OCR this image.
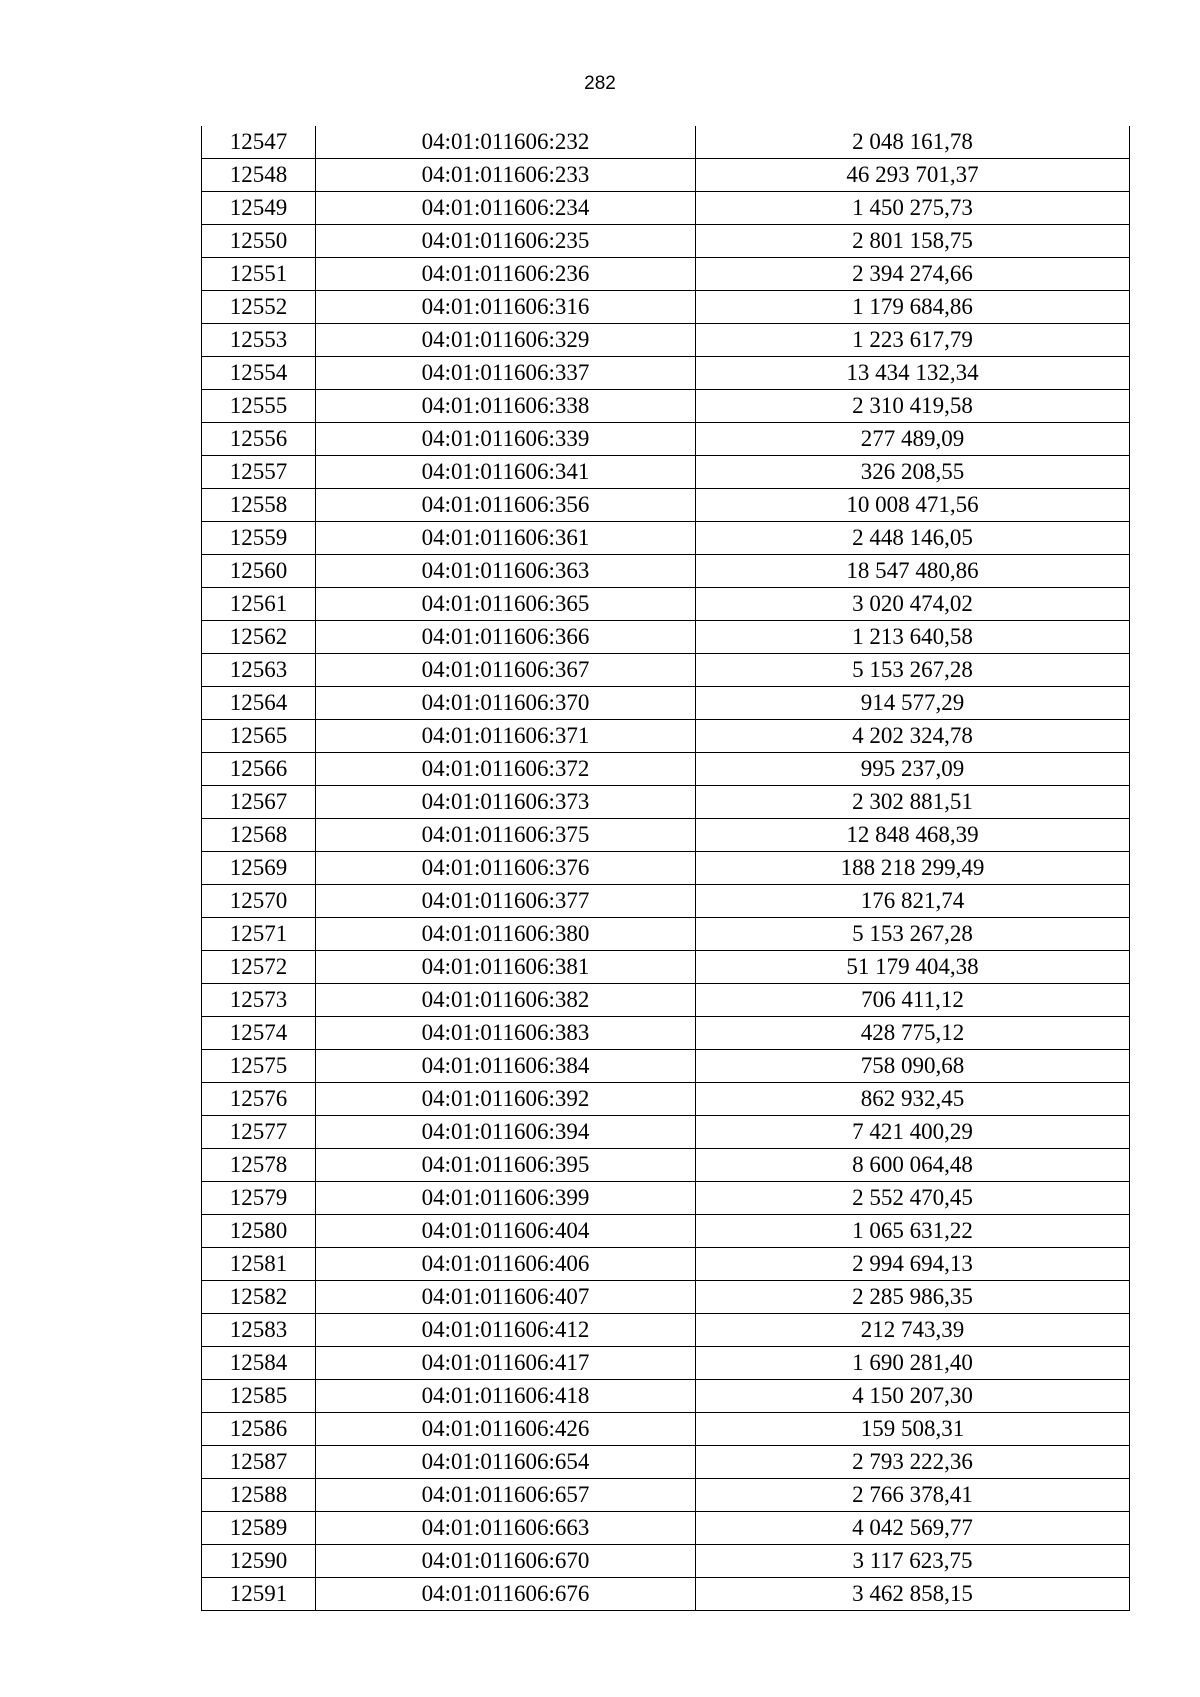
282
12547	04:01:011606:232	2 048 161,78
12548	04:01:011606:233	46 293 701,37
12549	04:01:011606:234	1 450 275,73
12550	04:01:011606:235	2 801 158,75
12551	04:01:011606:236	2 394 274,66
12552	04:01:011606:316	1 179 684,86
12553	04:01:011606:329	1 223 617,79
12554	04:01:011606:337	13 434 132,34
12555	04:01:011606:338	2 310 419,58
12556	04:01:011606:339	277 489,09
12557	04:01:011606:341	326 208,55
12558	04:01:011606:356	10 008 471,56
12559	04:01:011606:361	2 448 146,05
12560	04:01:011606:363	18 547 480,86
12561	04:01:011606:365	3 020 474,02
12562	04:01:011606:366	1 213 640,58
12563	04:01:011606:367	5 153 267,28
12564	04:01:011606:370	914 577,29
12565	04:01:011606:371	4 202 324,78
12566	04:01:011606:372	995 237,09
12567	04:01:011606:373	2 302 881,51
12568	04:01:011606:375	12 848 468,39
12569	04:01:011606:376	188 218 299,49
12570	04:01:011606:377	176 821,74
12571	04:01:011606:380	5 153 267,28
12572	04:01:011606:381	51 179 404,38
12573	04:01:011606:382	706 411,12
12574	04:01:011606:383	428 775,12
12575	04:01:011606:384	758 090,68
12576	04:01:011606:392	862 932,45
12577	04:01:011606:394	7 421 400,29
12578	04:01:011606:395	8 600 064,48
12579	04:01:011606:399	2 552 470,45
12580	04:01:011606:404	1 065 631,22
12581	04:01:011606:406	2 994 694,13
12582	04:01:011606:407	2 285 986,35
12583	04:01:011606:412	212 743,39
12584	04:01:011606:417	1 690 281,40
12585	04:01:011606:418	4 150 207,30
12586	04:01:011606:426	159 508,31
12587	04:01:011606:654	2 793 222,36
12588	04:01:011606:657	2 766 378,41
12589	04:01:011606:663	4 042 569,77
12590	04:01:011606:670	3 117 623,75
12591	04:01:011606:676	3 462 858,15
